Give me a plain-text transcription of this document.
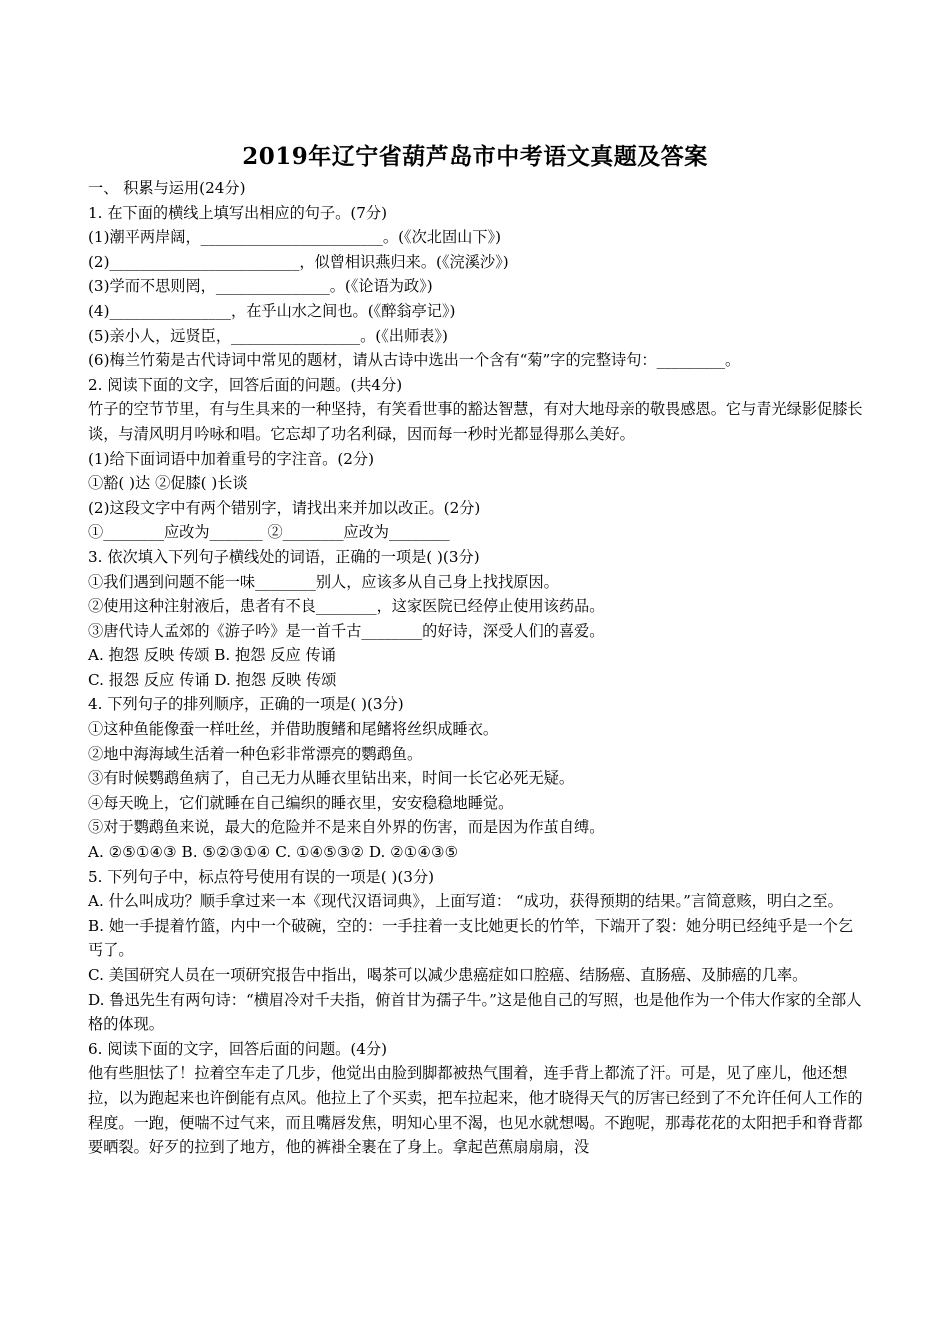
2019年辽宁省葫芦岛市中考语文真题及答案

一、 积累与运用(24分)

1. 在下面的横线上填写出相应的句子。(7分)

(1)潮平两岸阔，________________________。(《次北固山下》)

(2)_________________________，似曾相识燕归来。(《浣溪沙》)

(3)学而不思则罔，_______________。(《论语为政》)

(4)________________，在乎山水之间也。(《醉翁亭记》)

(5)亲小人，远贤臣，_________________。(《出师表》)

(6)梅兰竹菊是古代诗词中常见的题材，请从古诗中选出一个含有“菊”字的完整诗句：_________。

2. 阅读下面的文字，回答后面的问题。(共4分)

竹子的空节节里，有与生具来的一种坚持，有笑看世事的豁达智慧，有对大地母亲的敬畏感恩。它与青光绿影促膝长谈，与清风明月吟咏和唱。它忘却了功名利碌，因而每一秒时光都显得那么美好。

(1)给下面词语中加着重号的字注音。(2分)

①豁( )达 ②促膝( )长谈

(2)这段文字中有两个错别字，请找出来并加以改正。(2分)

①________应改为_______ ②________应改为________

3. 依次填入下列句子横线处的词语，正确的一项是( )(3分)

①我们遇到问题不能一味________别人，应该多从自己身上找找原因。

②使用这种注射液后，患者有不良________，这家医院已经停止使用该药品。

③唐代诗人孟郊的《游子吟》是一首千古________的好诗，深受人们的喜爱。

A. 抱怨 反映 传颂 B. 抱怨 反应 传诵

C. 报怨 反应 传诵 D. 抱怨 反映 传颂

4. 下列句子的排列顺序，正确的一项是( )(3分)

①这种鱼能像蚕一样吐丝，并借助腹鳍和尾鳍将丝织成睡衣。

②地中海海域生活着一种色彩非常漂亮的鹦鹉鱼。

③有时候鹦鹉鱼病了，自己无力从睡衣里钻出来，时间一长它必死无疑。

④每天晚上，它们就睡在自己编织的睡衣里，安安稳稳地睡觉。

⑤对于鹦鹉鱼来说，最大的危险并不是来自外界的伤害，而是因为作茧自缚。

A. ②⑤①④③ B. ⑤②③①④ C. ①④⑤③② D. ②①④③⑤

5. 下列句子中，标点符号使用有误的一项是( )(3分)

A. 什么叫成功？顺手拿过来一本《现代汉语词典》，上面写道： “成功，获得预期的结果。”言简意赅，明白之至。

B. 她一手提着竹篮，内中一个破碗，空的：一手拄着一支比她更长的竹竿，下端开了裂：她分明已经纯乎是一个乞丐了。

C. 美国研究人员在一项研究报告中指出，喝茶可以减少患癌症如口腔癌、结肠癌、直肠癌、及肺癌的几率。

D. 鲁迅先生有两句诗：“横眉冷对千夫指，俯首甘为孺子牛。”这是他自己的写照，也是他作为一个伟大作家的全部人格的体现。

6. 阅读下面的文字，回答后面的问题。(4分)

他有些胆怯了！拉着空车走了几步，他觉出由脸到脚都被热气围着，连手背上都流了汗。可是，见了座儿，他还想拉，以为跑起来也许倒能有点风。他拉上了个买卖，把车拉起来，他才晓得天气的厉害已经到了不允许任何人工作的程度。一跑，便喘不过气来，而且嘴唇发焦，明知心里不渴，也见水就想喝。不跑呢，那毒花花的太阳把手和脊背都要晒裂。好歹的拉到了地方，他的裤褂全裹在了身上。拿起芭蕉扇扇扇，没
